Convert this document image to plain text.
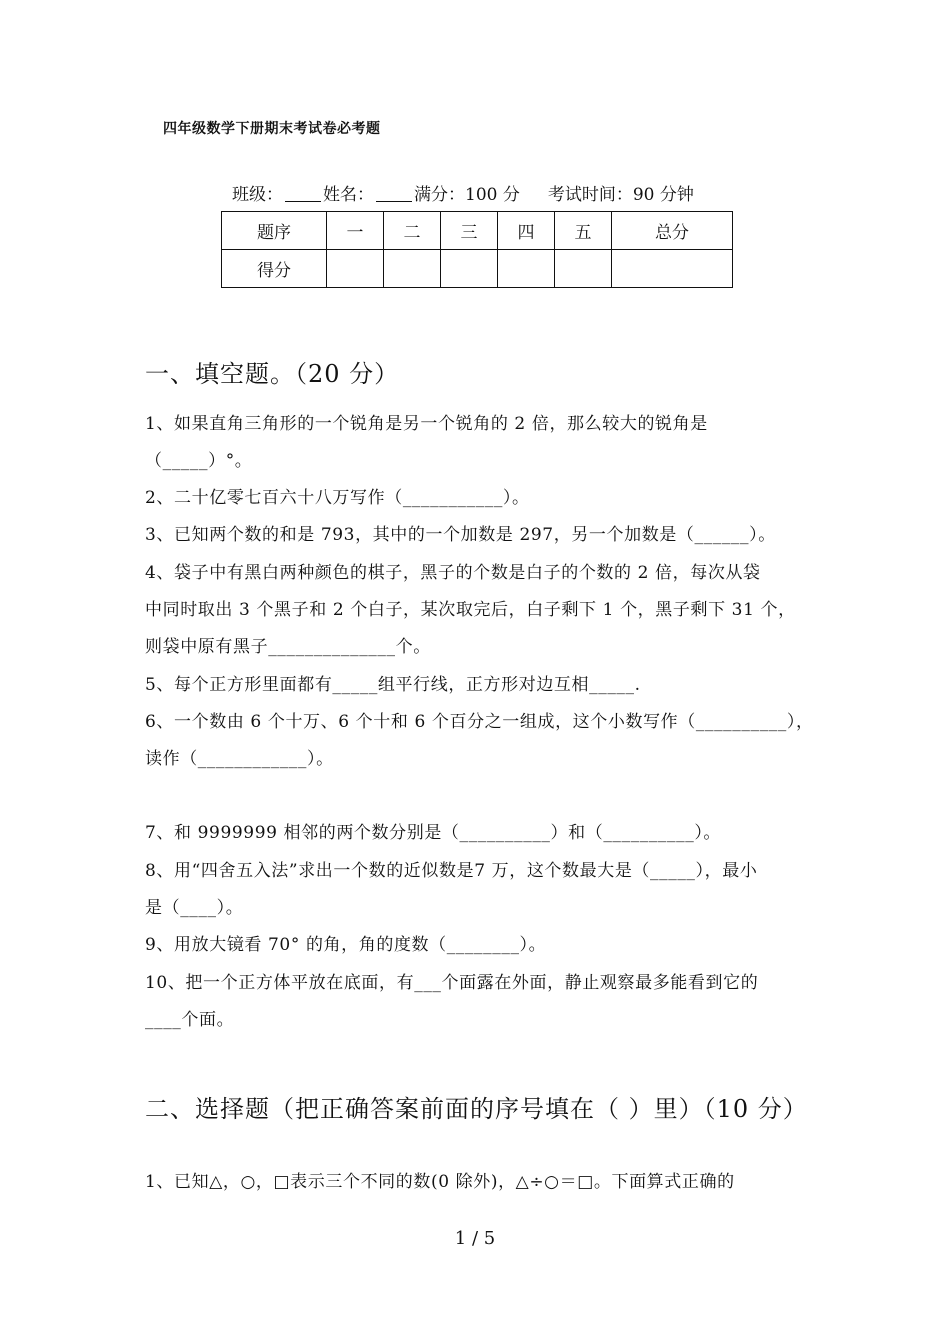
四年级数学下册期末考试卷必考题
班级： 姓名： 满分：100 分 考试时间：90 分钟
题序	一	二	三	四	五	总分
得分						
一、填空题。（20 分）
1、如果直角三角形的一个锐角是另一个锐角的 2 倍，那么较大的锐角是
（_____）°。
2、二十亿零七百六十八万写作（___________）。
3、已知两个数的和是 793，其中的一个加数是 297，另一个加数是（______）。
4、袋子中有黑白两种颜色的棋子，黑子的个数是白子的个数的 2 倍，每次从袋
中同时取出 3 个黑子和 2 个白子，某次取完后，白子剩下 1 个，黑子剩下 31 个，
则袋中原有黑子______________个。
5、每个正方形里面都有_____组平行线，正方形对边互相_____.
6、一个数由 6 个十万、6 个十和 6 个百分之一组成，这个小数写作（__________），
读作（____________）。
7、和 9999999 相邻的两个数分别是（__________）和（__________）。
8、用“四舍五入法”求出一个数的近似数是7 万，这个数最大是（_____），最小
是（____）。
9、用放大镜看 70° 的角，角的度数（________）。
10、把一个正方体平放在底面，有___个面露在外面，静止观察最多能看到它的
____个面。
二、选择题（把正确答案前面的序号填在（ ）里）（10 分）
1、已知△，○，□表示三个不同的数(0 除外)，△÷○＝□。下面算式正确的
1 / 5
